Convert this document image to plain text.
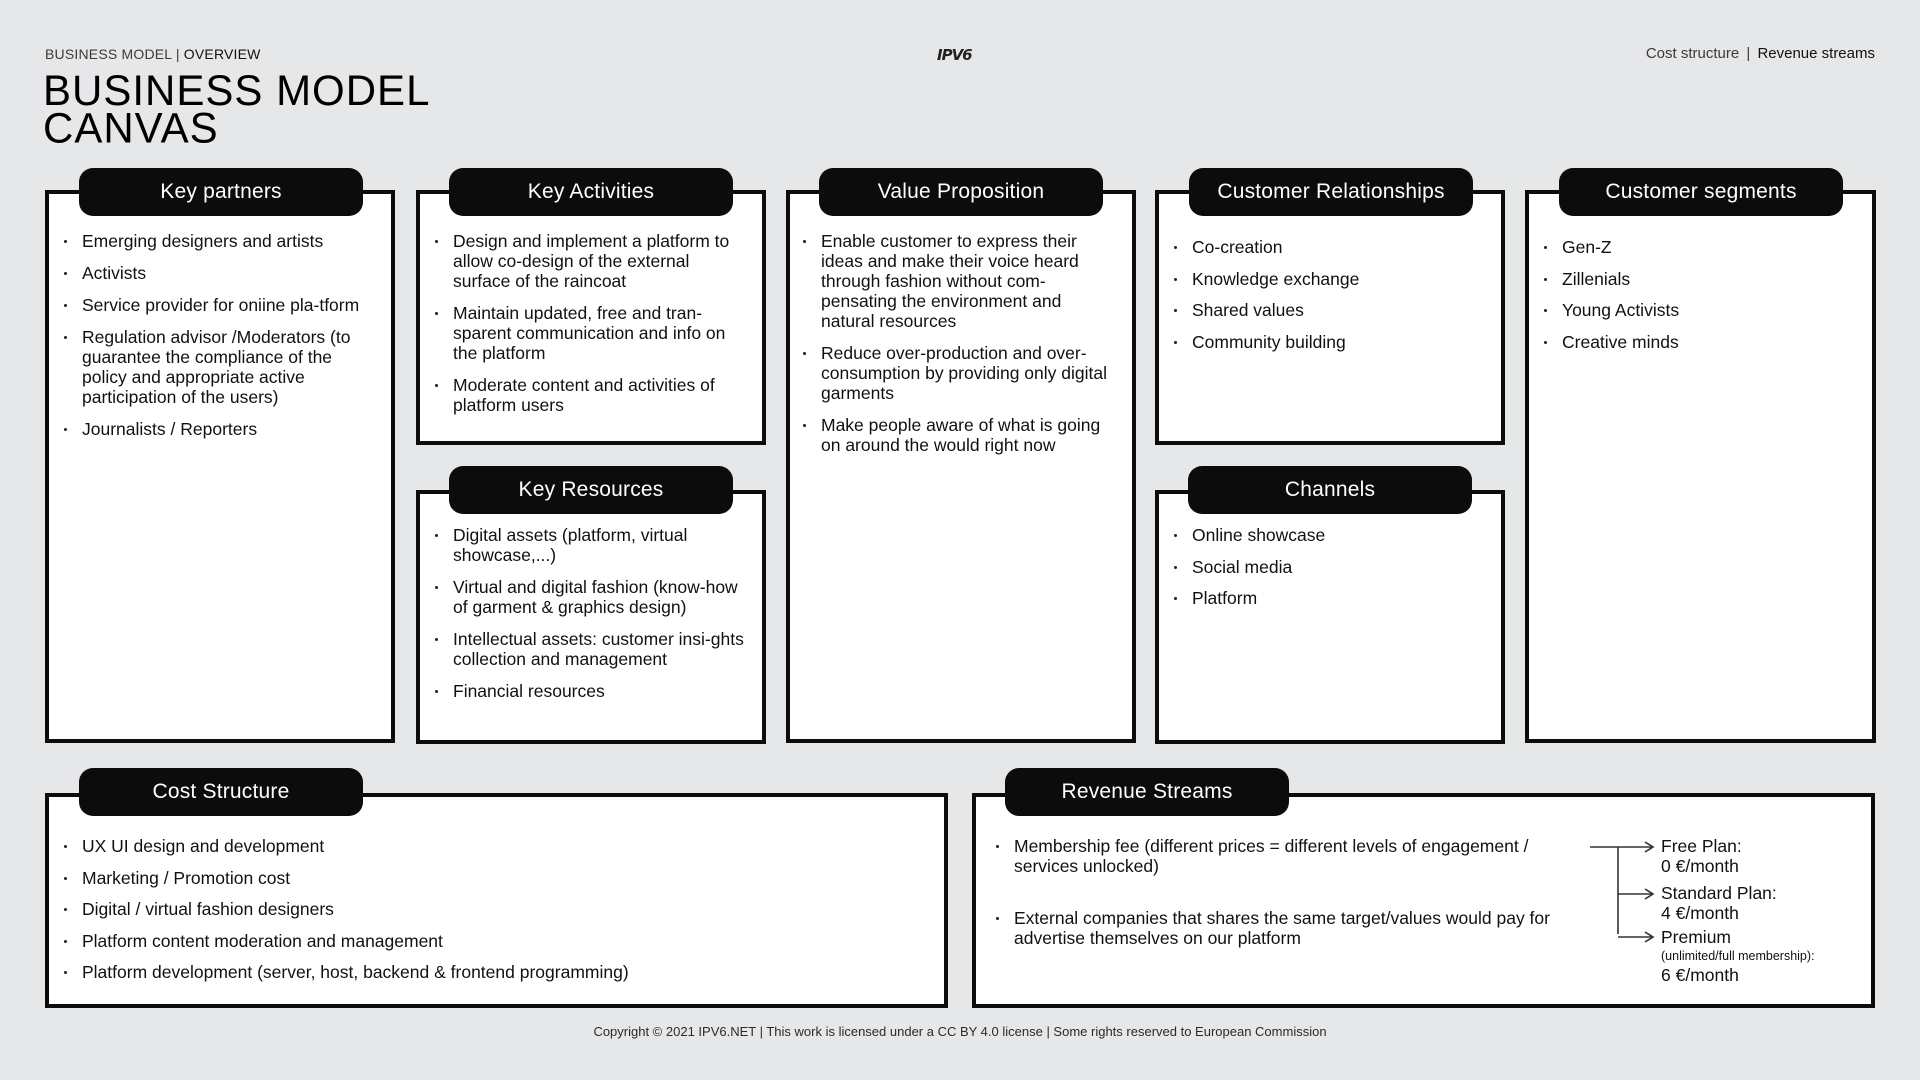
BUSINESS MODEL | OVERVIEW
BUSINESS MODEL
CANVAS
IPV6	Cost structure | Revenue streams
Key partners
Emerging designers and artists
Activists
Service provider for oniine pla-tform
Regulation advisor /Moderators (to guarantee the compliance of the policy and appropriate active participation of the users)
Journalists / Reporters
Key Activities
Design and implement a platform to allow co-design of the external surface of the raincoat
Maintain updated, free and tran-sparent communication and info on the platform
Moderate content and activities of platform users
Key Resources
Digital assets (platform, virtual showcase,...)
Virtual and digital fashion (know-how of garment & graphics design)
Intellectual assets: customer insi-ghts collection and management
Financial resources
Value Proposition
Enable customer to express their ideas and make their voice heard through fashion without com-pensating the environment and natural resources
Reduce over-production and over-consumption by providing only digital garments
Make people aware of what is going on around the would right now
Customer Relationships
Co-creation
Knowledge exchange
Shared values
Community building
Channels
Online showcase
Social media
Platform
Customer segments
Gen-Z
Zillenials
Young Activists
Creative minds
Cost Structure
UX UI design and development
Marketing / Promotion cost
Digital / virtual fashion designers
Platform content moderation and management
Platform development (server, host, backend & frontend programming)
Revenue Streams
Membership fee (different prices = different levels of engagement / services unlocked)
External companies that shares the same target/values would pay for advertise themselves on our platform
Free Plan:
0 €/month
Standard Plan:
4 €/month
Premium
(unlimited/full membership):
6 €/month
Copyright © 2021 IPV6.NET | This work is licensed under a CC BY 4.0 license | Some rights reserved to European Commission
